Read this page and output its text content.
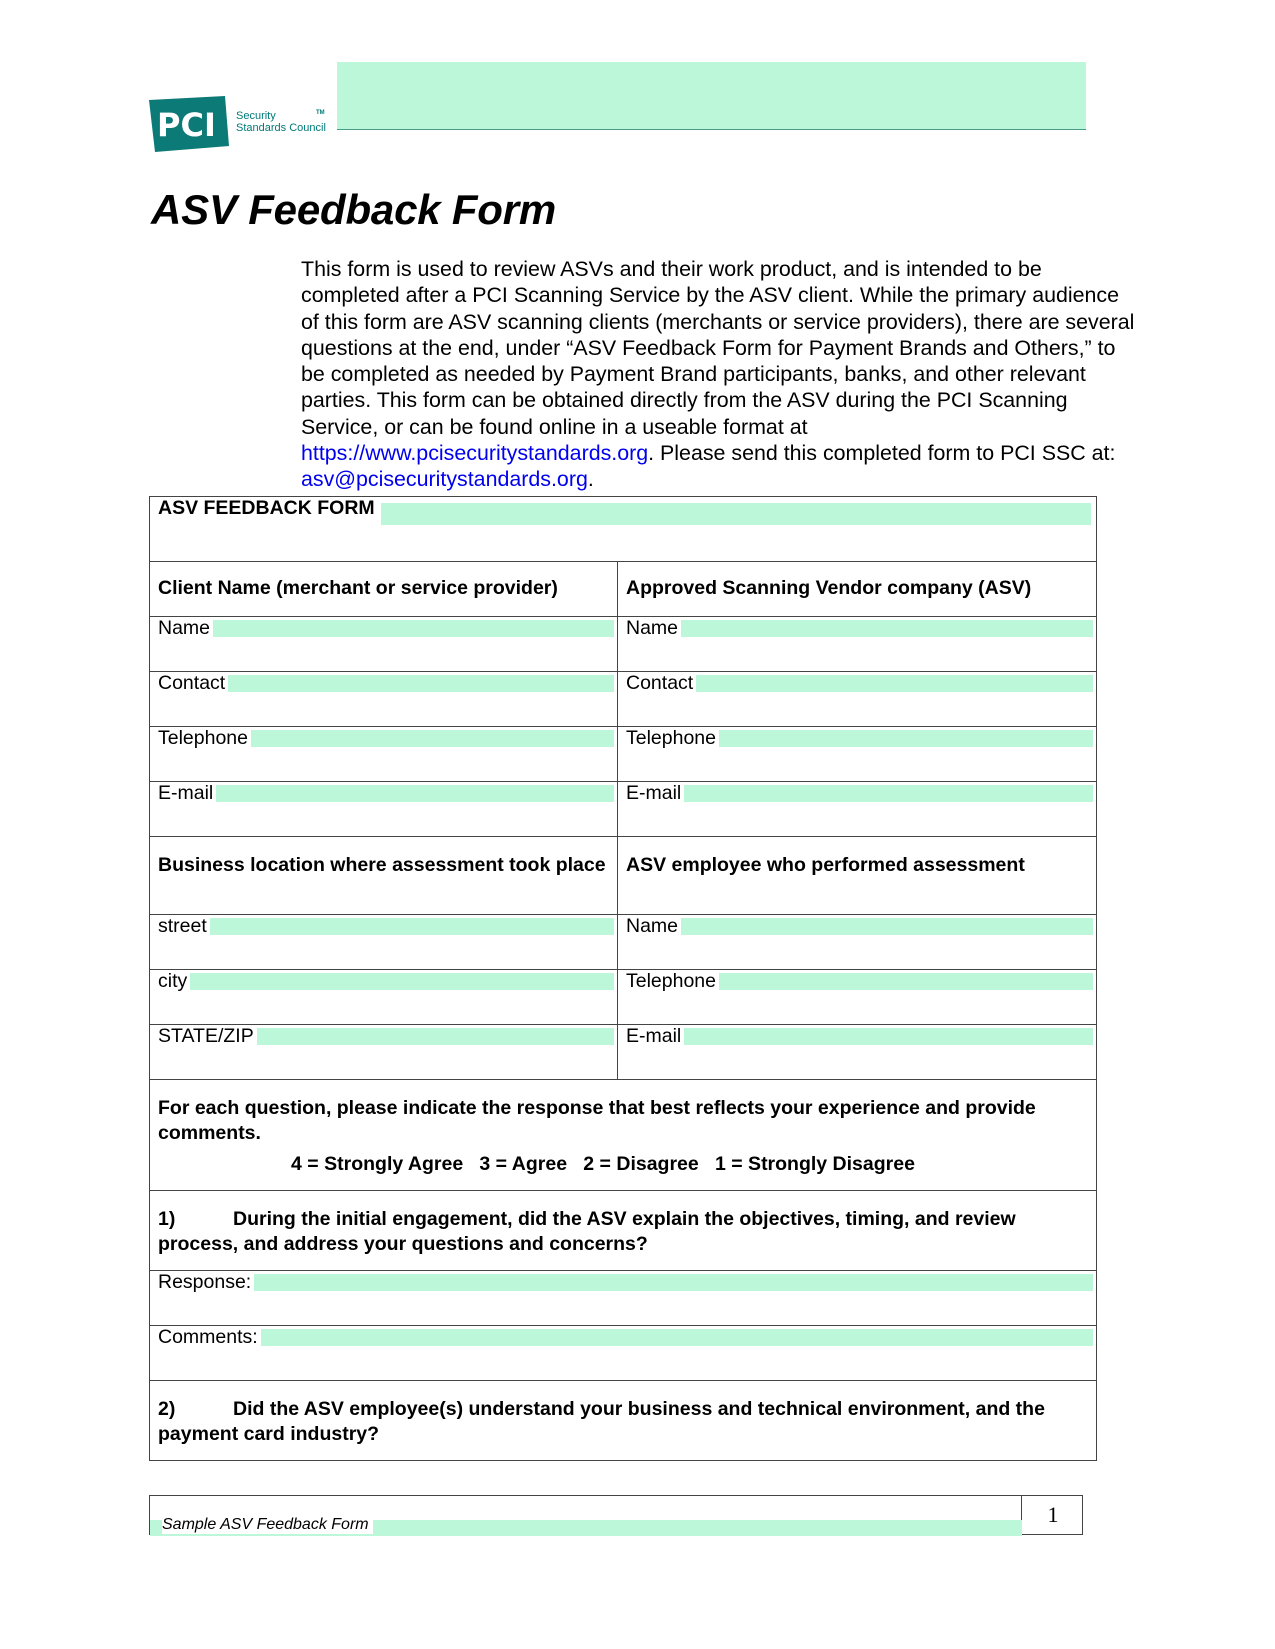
PCI Security
Standards Council
TM
ASV Feedback Form
This form is used to review ASVs and their work product, and is intended to be completed after a PCI Scanning Service by the ASV client. While the primary audience of this form are ASV scanning clients (merchants or service providers), there are several questions at the end, under “ASV Feedback Form for Payment Brands and Others,” to be completed as needed by Payment Brand participants, banks, and other relevant parties. This form can be obtained directly from the ASV during the PCI Scanning Service, or can be found online in a useable format at https://www.pcisecuritystandards.org. Please send this completed form to PCI SSC at: asv@pcisecuritystandards.org.
ASV FEEDBACK FORM	

Client Name (merchant or service provider)	Approved Scanning Vendor company (ASV)

Name	Name

Contact	Contact

Telephone	Telephone

E-mail	E-mail

Business location where assessment took place	ASV employee who performed assessment

street	Name

city	Telephone

STATE/ZIP	E-mail

For each question, please indicate the response that best reflects your experience and provide comments.
4 = Strongly Agree   3 = Agree   2 = Disagree   1 = Strongly Disagree	

1) During the initial engagement, did the ASV explain the objectives, timing, and review process, and address your questions and concerns?	

Response:	

Comments:	

2) Did the ASV employee(s) understand your business and technical environment, and the payment card industry?	
Sample ASV Feedback Form	1
